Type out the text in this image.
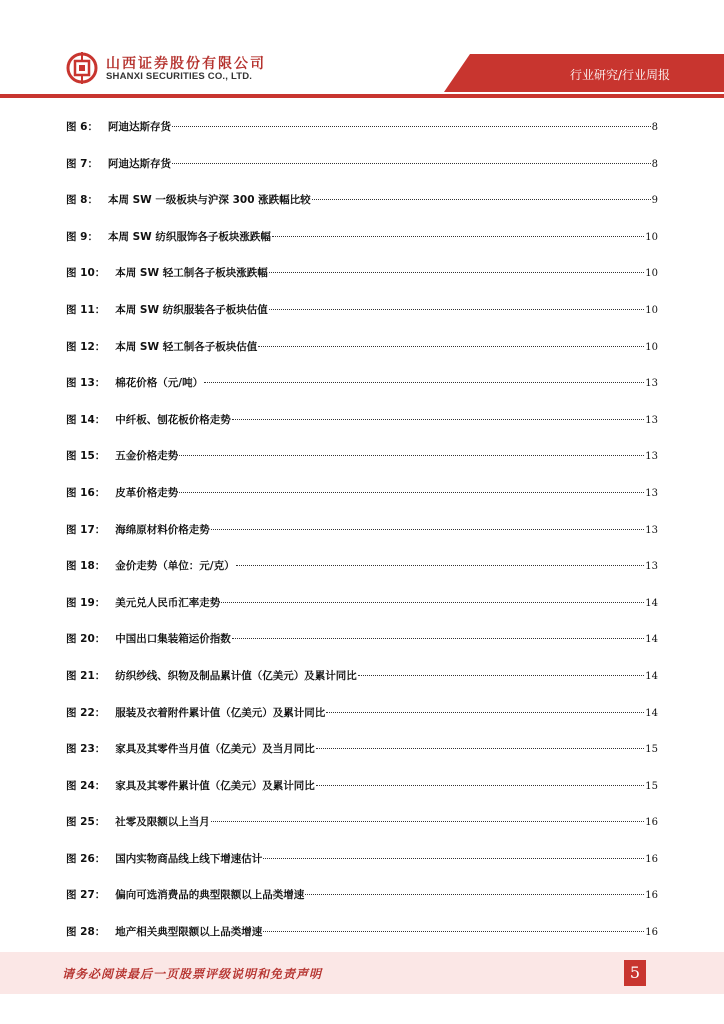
山西证券股份有限公司
SHANXI SECURITIES CO., LTD.	行业研究/行业周报
图 6： 阿迪达斯存货	8
图 7： 阿迪达斯存货	8
图 8： 本周 SW 一级板块与沪深 300 涨跌幅比较	9
图 9： 本周 SW 纺织服饰各子板块涨跌幅	10
图 10： 本周 SW 轻工制各子板块涨跌幅	10
图 11： 本周 SW 纺织服装各子板块估值	10
图 12： 本周 SW 轻工制各子板块估值	10
图 13： 棉花价格（元/吨）	13
图 14： 中纤板、刨花板价格走势	13
图 15： 五金价格走势	13
图 16： 皮革价格走势	13
图 17： 海绵原材料价格走势	13
图 18： 金价走势（单位：元/克）	13
图 19： 美元兑人民币汇率走势	14
图 20： 中国出口集装箱运价指数	14
图 21： 纺织纱线、织物及制品累计值（亿美元）及累计同比	14
图 22： 服装及衣着附件累计值（亿美元）及累计同比	14
图 23： 家具及其零件当月值（亿美元）及当月同比	15
图 24： 家具及其零件累计值（亿美元）及累计同比	15
图 25： 社零及限额以上当月	16
图 26： 国内实物商品线上线下增速估计	16
图 27： 偏向可选消费品的典型限额以上品类增速	16
图 28： 地产相关典型限额以上品类增速	16
请务必阅读最后一页股票评级说明和免责声明	5
